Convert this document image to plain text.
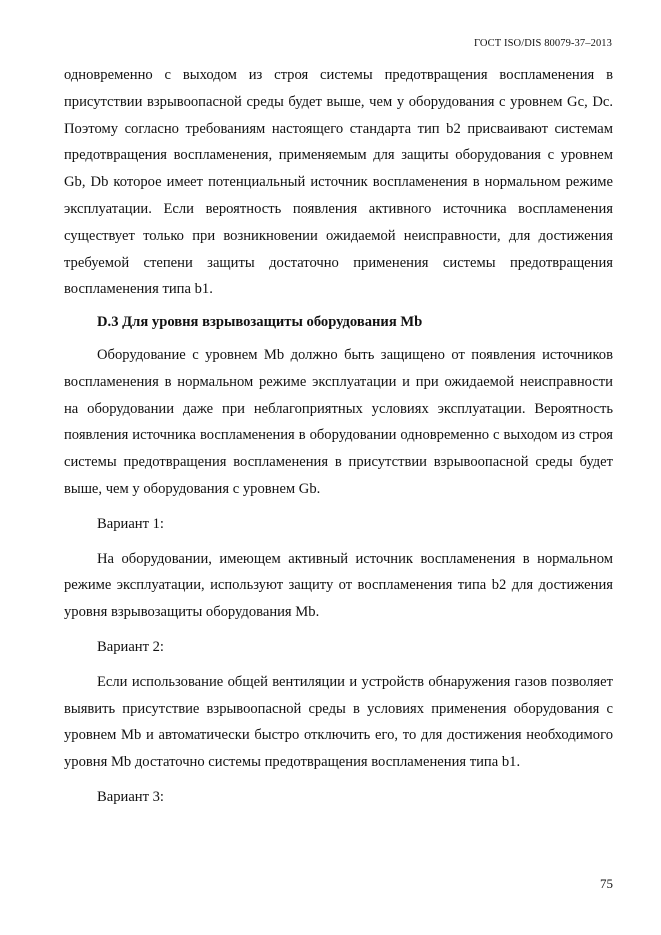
ГОСТ ISO/DIS 80079-37–2013

одновременно с выходом из строя системы предотвращения воспламенения в присутствии взрывоопасной среды будет выше, чем у оборудования с уровнем Gc, Dc. Поэтому согласно требованиям настоящего стандарта тип b2 присваивают системам предотвращения воспламенения, применяемым для защиты оборудования с уровнем Gb, Db которое имеет потенциальный источник воспламенения в нормальном режиме эксплуатации. Если вероятность появления активного источника воспламенения существует только при возникновении ожидаемой неисправности, для достижения требуемой степени защиты достаточно применения системы предотвращения воспламенения типа b1.

D.3 Для уровня взрывозащиты оборудования Mb

Оборудование с уровнем Mb должно быть защищено от появления источников воспламенения в нормальном режиме эксплуатации и при ожидаемой неисправности на оборудовании даже при неблагоприятных условиях эксплуатации. Вероятность появления источника воспламенения в оборудовании одновременно с выходом из строя системы предотвращения воспламенения в присутствии взрывоопасной среды будет выше, чем у оборудования с уровнем Gb.

Вариант 1:

На оборудовании, имеющем активный источник воспламенения в нормальном режиме эксплуатации, используют защиту от воспламенения типа b2 для достижения уровня взрывозащиты оборудования Mb.

Вариант 2:

Если использование общей вентиляции и устройств обнаружения газов позволяет выявить присутствие взрывоопасной среды в условиях применения оборудования с уровнем Mb и автоматически быстро отключить его, то для достижения необходимого уровня Mb достаточно системы предотвращения воспламенения типа b1.

Вариант 3:

75
